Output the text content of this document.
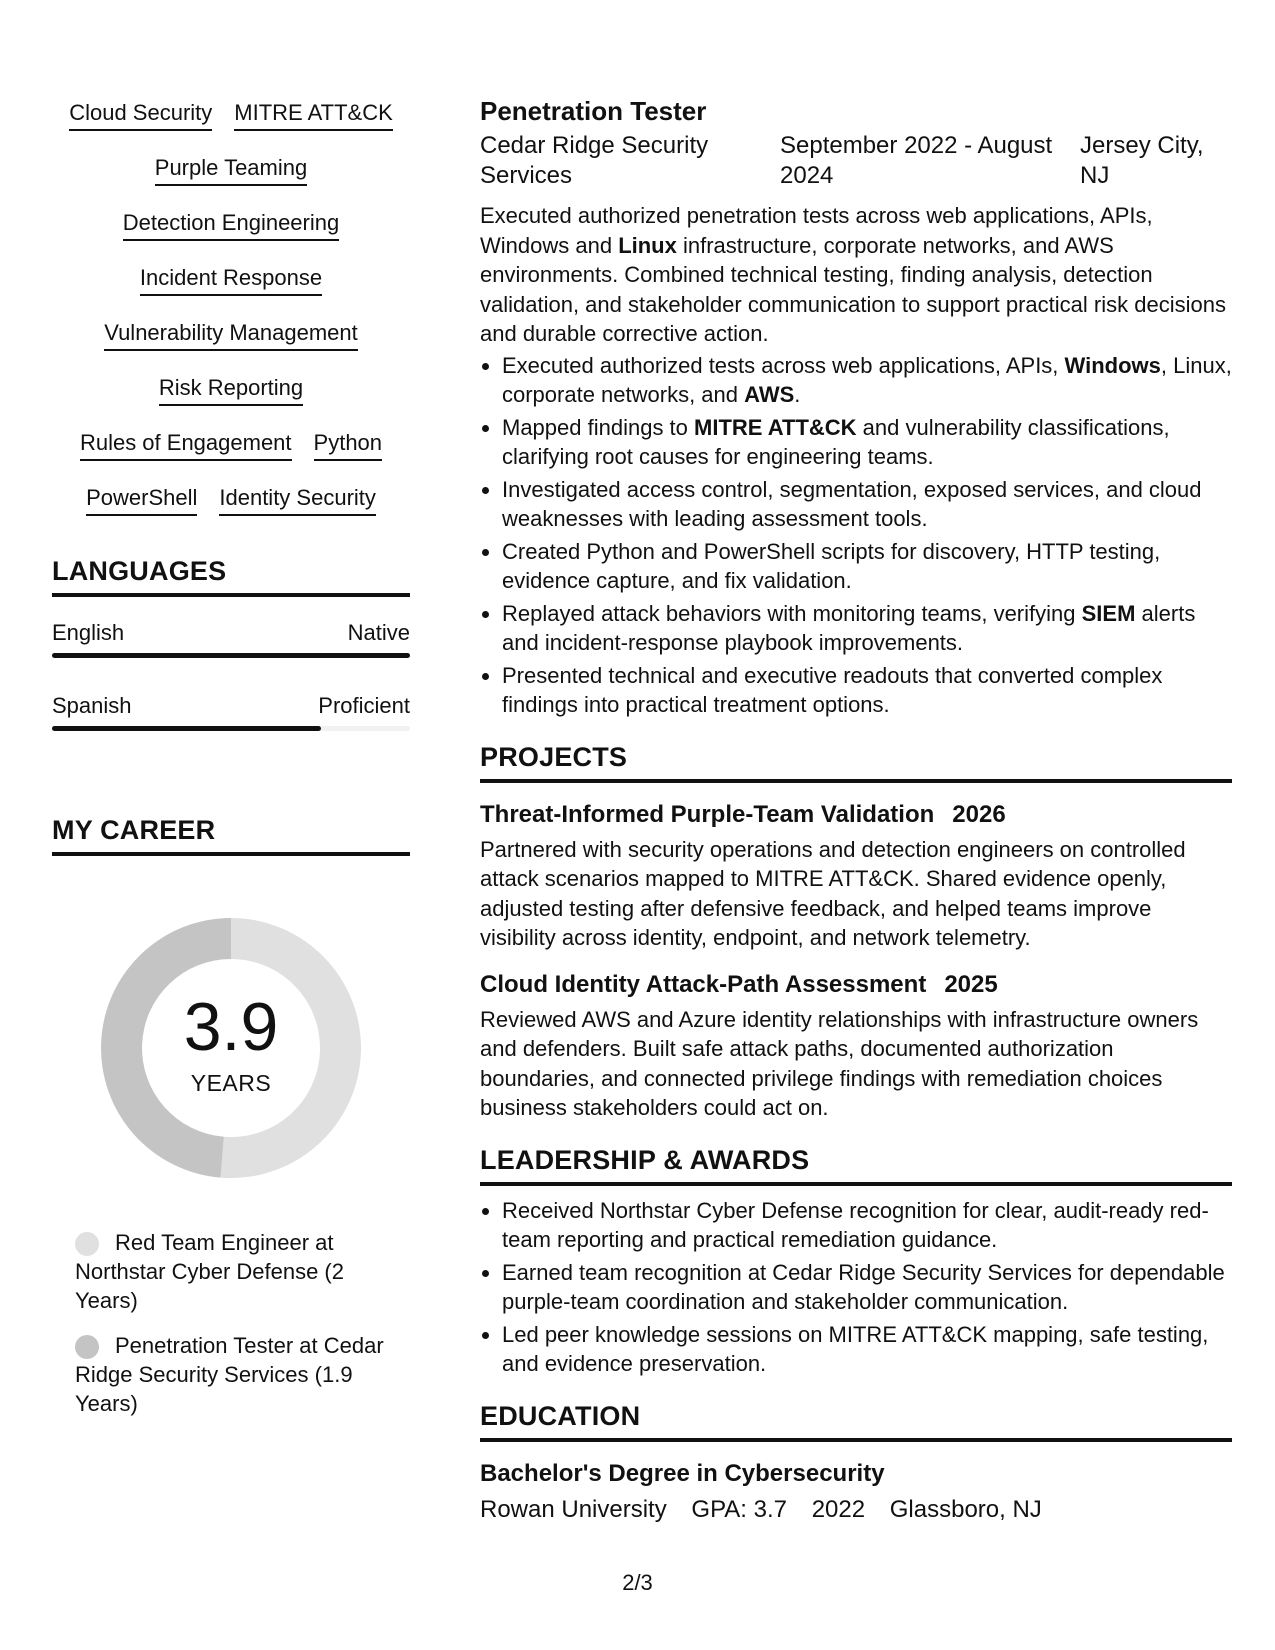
Cloud Security MITRE ATT&CK
Purple Teaming
Detection Engineering
Incident Response
Vulnerability Management
Risk Reporting
Rules of Engagement Python
PowerShell Identity Security
LANGUAGES
English	Native
Spanish	Proficient
MY CAREER
3.9
YEARS
Red Team Engineer at Northstar Cyber Defense (2 Years)
Penetration Tester at Cedar Ridge Security Services (1.9 Years)
Penetration Tester
Cedar Ridge Security Services
September 2022 - August 2024
Jersey City, NJ

Executed authorized penetration tests across web applications, APIs, Windows and Linux infrastructure, corporate networks, and AWS environments. Combined technical testing, finding analysis, detection validation, and stakeholder communication to support practical risk decisions and durable corrective action.

• Executed authorized tests across web applications, APIs, Windows, Linux, corporate networks, and AWS.
• Mapped findings to MITRE ATT&CK and vulnerability classifications, clarifying root causes for engineering teams.
• Investigated access control, segmentation, exposed services, and cloud weaknesses with leading assessment tools.
• Created Python and PowerShell scripts for discovery, HTTP testing, evidence capture, and fix validation.
• Replayed attack behaviors with monitoring teams, verifying SIEM alerts and incident-response playbook improvements.
• Presented technical and executive readouts that converted complex findings into practical treatment options.
PROJECTS
Threat-Informed Purple-Team Validation 2026

Partnered with security operations and detection engineers on controlled attack scenarios mapped to MITRE ATT&CK. Shared evidence openly, adjusted testing after defensive feedback, and helped teams improve visibility across identity, endpoint, and network telemetry.

Cloud Identity Attack-Path Assessment 2025

Reviewed AWS and Azure identity relationships with infrastructure owners and defenders. Built safe attack paths, documented authorization boundaries, and connected privilege findings with remediation choices business stakeholders could act on.

LEADERSHIP & AWARDS
• Received Northstar Cyber Defense recognition for clear, audit-ready red-team reporting and practical remediation guidance.
• Earned team recognition at Cedar Ridge Security Services for dependable purple-team coordination and stakeholder communication.
• Led peer knowledge sessions on MITRE ATT&CK mapping, safe testing, and evidence preservation.
EDUCATION
Bachelor's Degree in Cybersecurity
Rowan University GPA: 3.7 2022 Glassboro, NJ
2/3
